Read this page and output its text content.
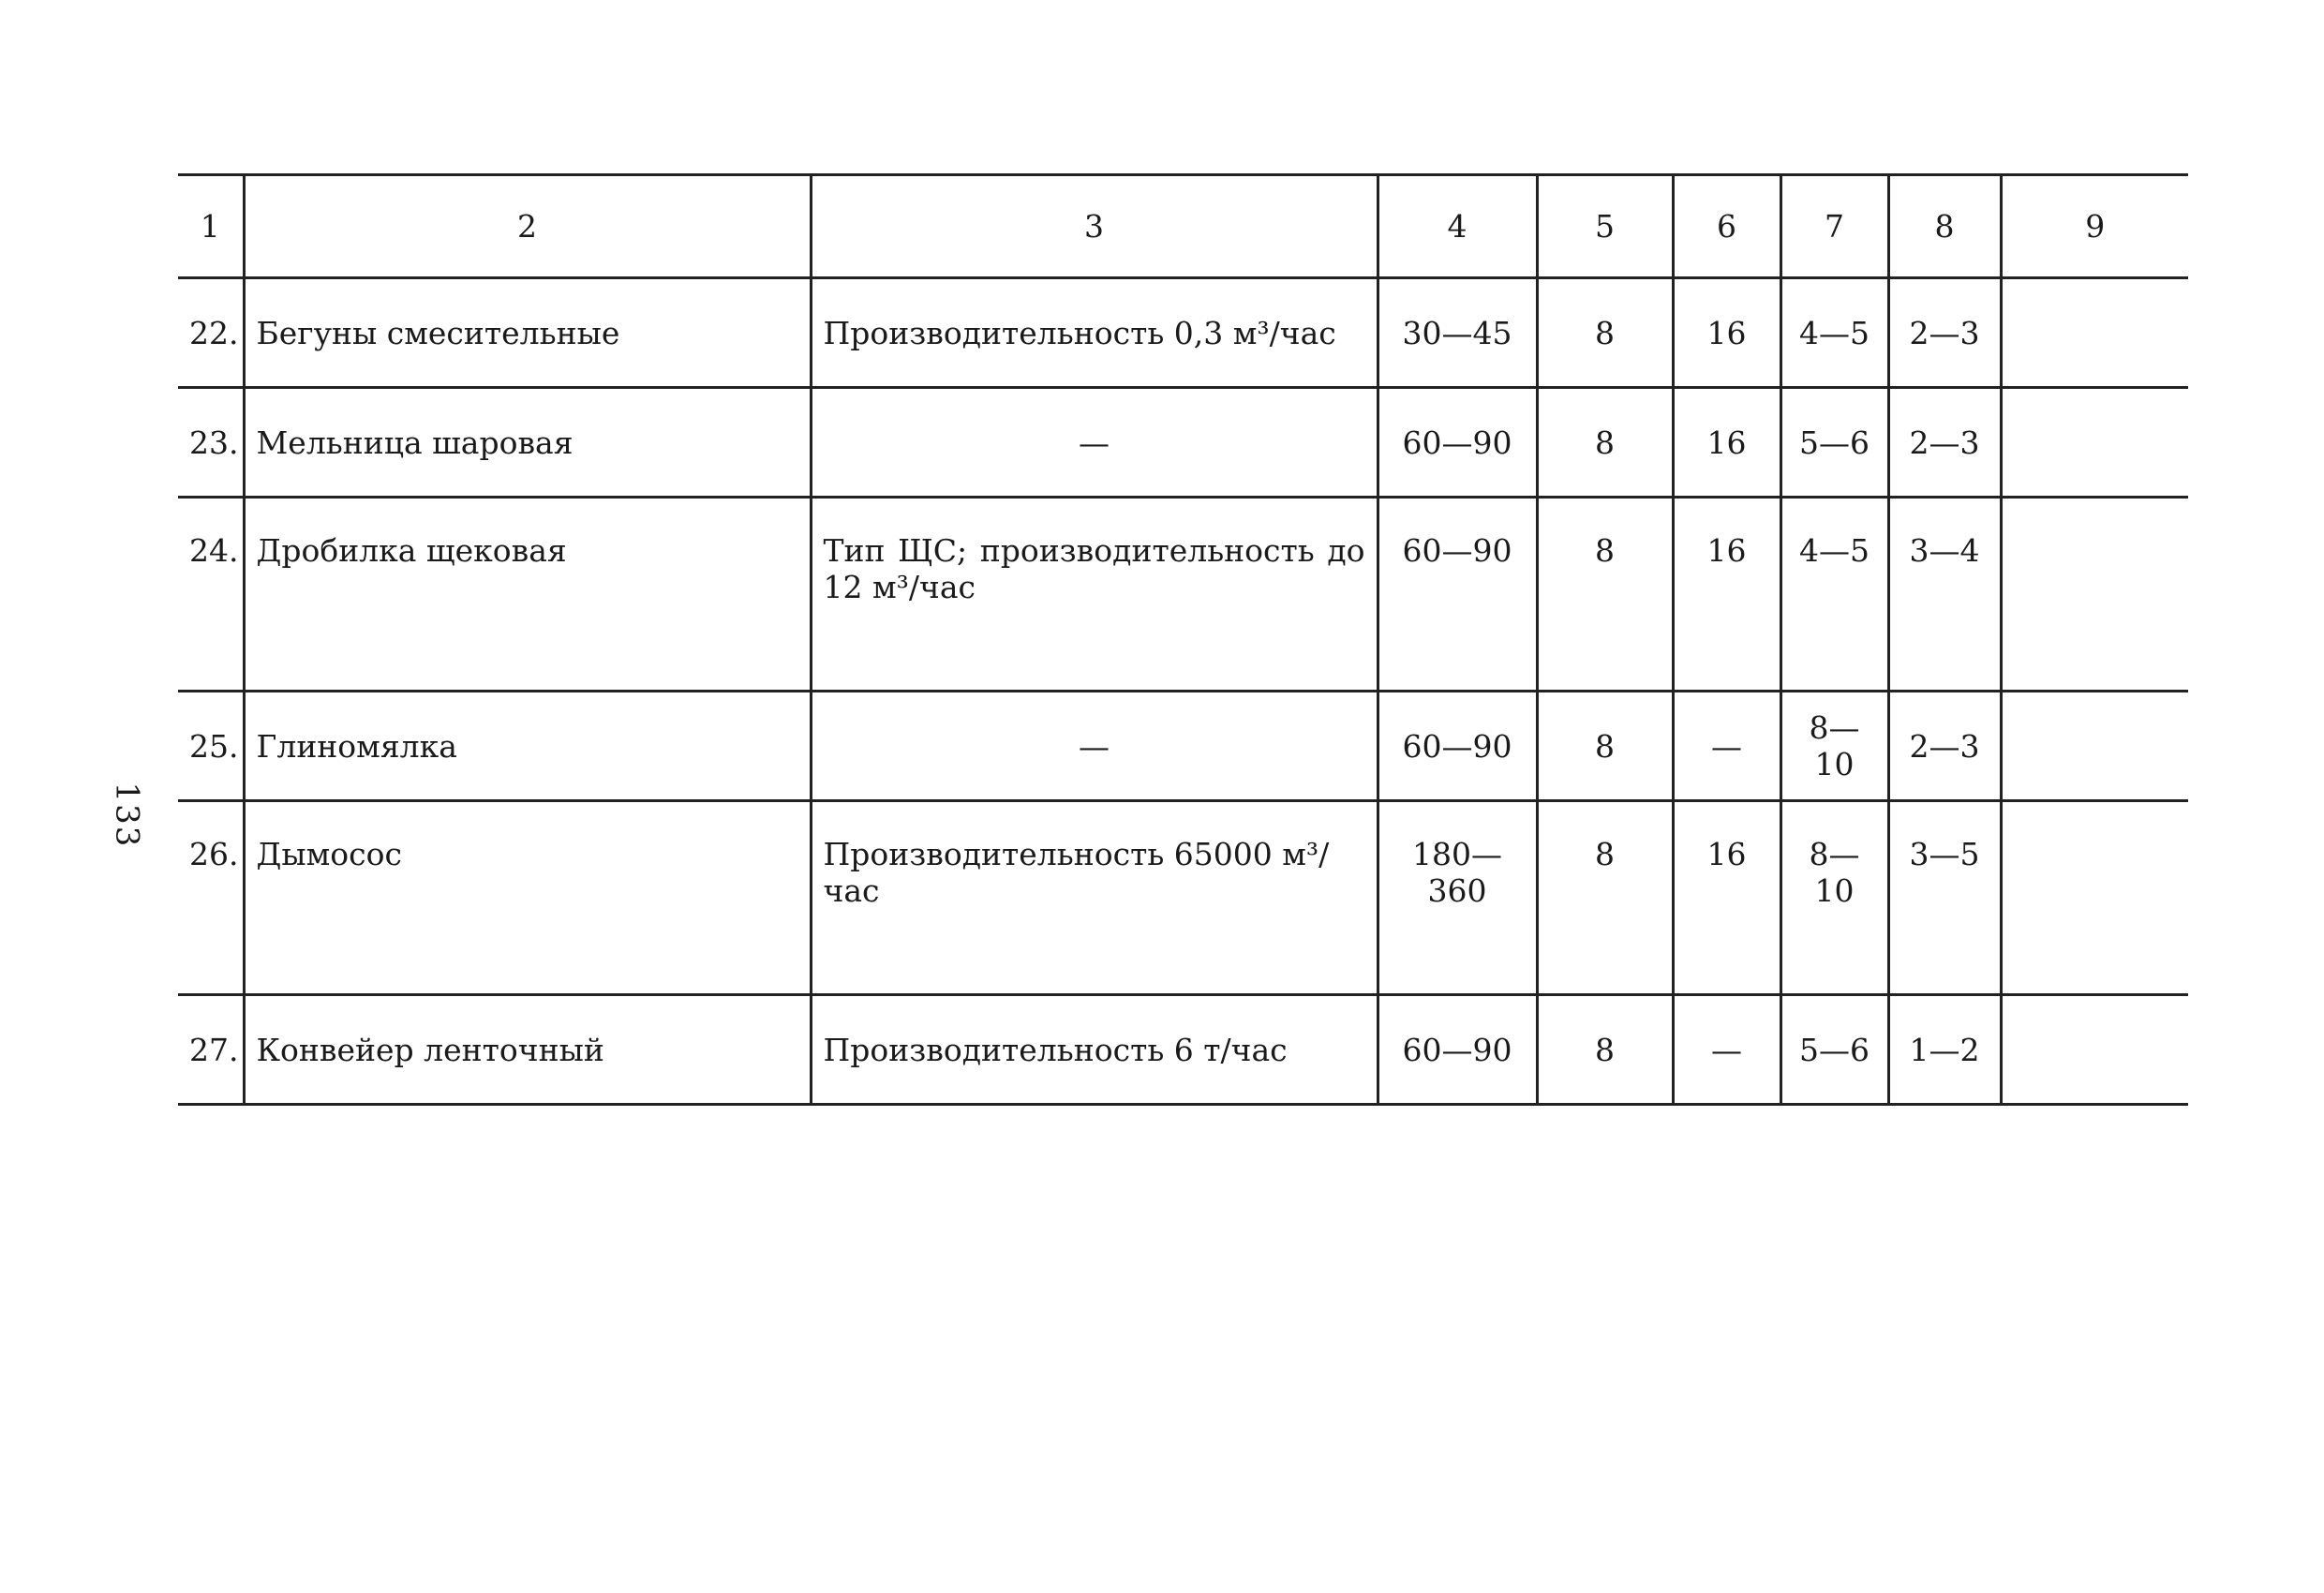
133
1	2	3	4	5	6	7	8	9
22.	Бегуны смесительные	Производительность 0,3 м³/час	30—45	8	16	4—5	2—3	
23.	Мельница шаровая	—	60—90	8	16	5—6	2—3	
24.	Дробилка щековая	Тип ЩС; производительность до 12 м³/час	60—90	8	16	4—5	3—4	
25.	Глиномялка	—	60—90	8	—	8—10	2—3	
26.	Дымосос	Производительность 65000 м³/час	180—360	8	16	8—10	3—5	
27.	Конвейер ленточный	Производительность 6 т/час	60—90	8	—	5—6	1—2	
